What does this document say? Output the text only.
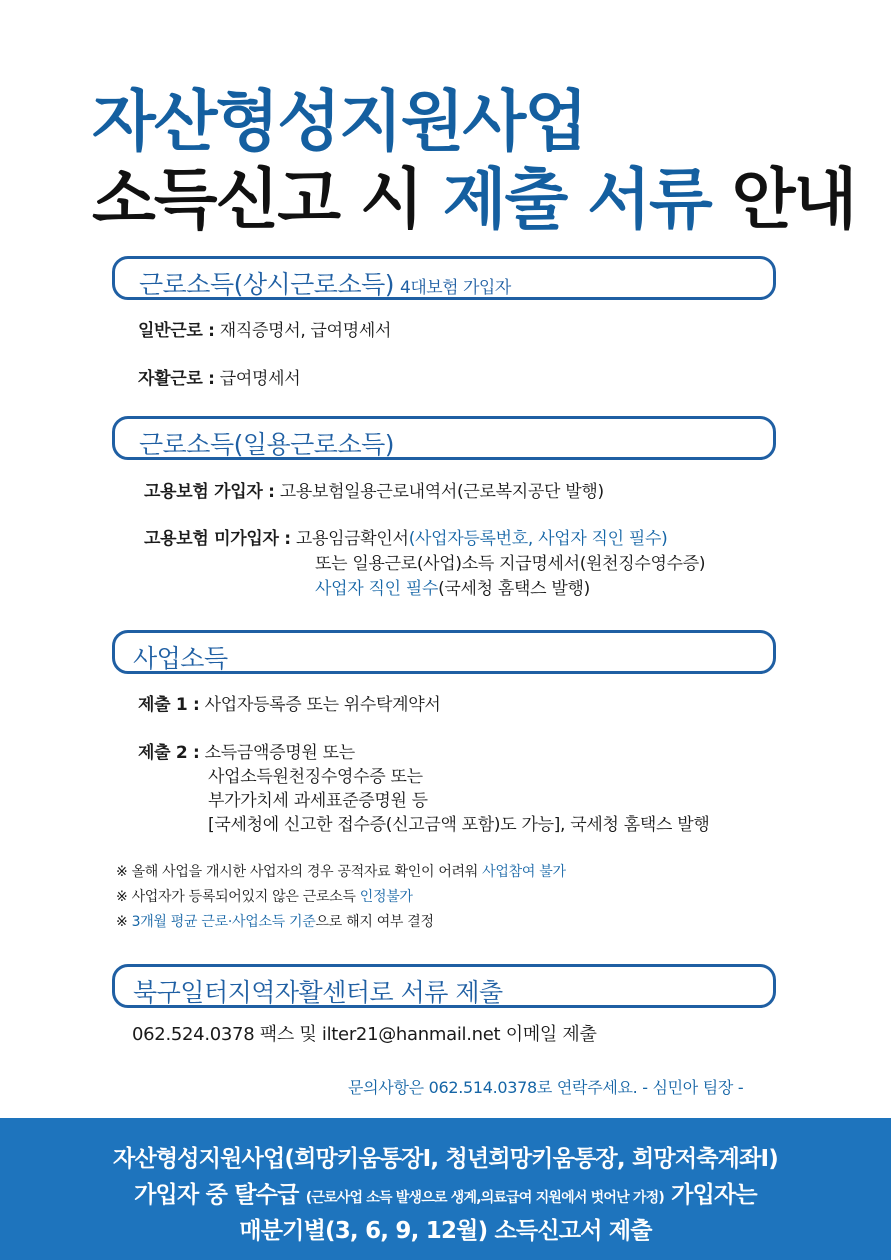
자산형성지원사업
소득신고 시 제출 서류 안내
근로소득(상시근로소득) 4대보험 가입자
일반근로 : 재직증명서, 급여명세서
자활근로 : 급여명세서
근로소득(일용근로소득)
고용보험 가입자 : 고용보험일용근로내역서(근로복지공단 발행)
고용보험 미가입자 : 고용임금확인서(사업자등록번호, 사업자 직인 필수)
또는 일용근로(사업)소득 지급명세서(원천징수영수증)
사업자 직인 필수(국세청 홈택스 발행)
사업소득
제출 1 : 사업자등록증 또는 위수탁계약서
제출 2 : 소득금액증명원 또는
사업소득원천징수영수증 또는
부가가치세 과세표준증명원 등
[국세청에 신고한 접수증(신고금액 포함)도 가능], 국세청 홈택스 발행
※ 올해 사업을 개시한 사업자의 경우 공적자료 확인이 어려워 사업참여 불가
※ 사업자가 등록되어있지 않은 근로소득 인정불가
※ 3개월 평균 근로·사업소득 기준으로 해지 여부 결정
북구일터지역자활센터로 서류 제출
062.524.0378 팩스 및 ilter21@hanmail.net 이메일 제출
문의사항은 062.514.0378로 연락주세요. - 심민아 팀장 -
자산형성지원사업(희망키움통장Ⅰ, 청년희망키움통장, 희망저축계좌Ⅰ)
가입자 중 탈수급 (근로사업 소득 발생으로 생계,의료급여 지원에서 벗어난 가정) 가입자는
매분기별(3, 6, 9, 12월) 소득신고서 제출
